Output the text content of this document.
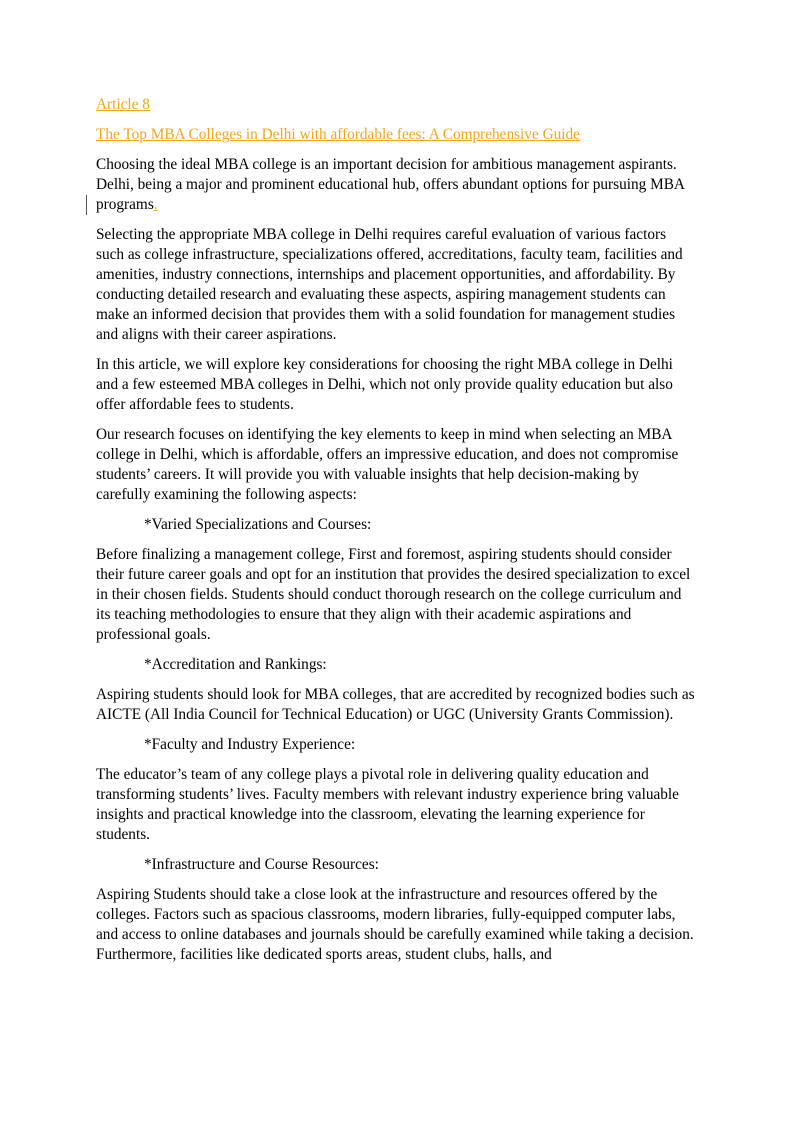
Article 8

The Top MBA Colleges in Delhi with affordable fees: A Comprehensive Guide

Choosing the ideal MBA college is an important decision for ambitious management aspirants. Delhi, being a major and prominent educational hub, offers abundant options for pursuing MBA programs.

Selecting the appropriate MBA college in Delhi requires careful evaluation of various factors such as college infrastructure, specializations offered, accreditations, faculty team, facilities and amenities, industry connections, internships and placement opportunities, and affordability. By conducting detailed research and evaluating these aspects, aspiring management students can make an informed decision that provides them with a solid foundation for management studies and aligns with their career aspirations.

In this article, we will explore key considerations for choosing the right MBA college in Delhi and a few esteemed MBA colleges in Delhi, which not only provide quality education but also offer affordable fees to students.

Our research focuses on identifying the key elements to keep in mind when selecting an MBA college in Delhi, which is affordable, offers an impressive education, and does not compromise students’ careers. It will provide you with valuable insights that help decision-making by carefully examining the following aspects:

*Varied Specializations and Courses:

Before finalizing a management college, First and foremost, aspiring students should consider their future career goals and opt for an institution that provides the desired specialization to excel in their chosen fields. Students should conduct thorough research on the college curriculum and its teaching methodologies to ensure that they align with their academic aspirations and professional goals.

*Accreditation and Rankings:

Aspiring students should look for MBA colleges, that are accredited by recognized bodies such as AICTE (All India Council for Technical Education) or UGC (University Grants Commission).

*Faculty and Industry Experience:

The educator’s team of any college plays a pivotal role in delivering quality education and transforming students’ lives. Faculty members with relevant industry experience bring valuable insights and practical knowledge into the classroom, elevating the learning experience for students.

*Infrastructure and Course Resources:

Aspiring Students should take a close look at the infrastructure and resources offered by the colleges. Factors such as spacious classrooms, modern libraries, fully-equipped computer labs, and access to online databases and journals should be carefully examined while taking a decision. Furthermore, facilities like dedicated sports areas, student clubs, halls, and
